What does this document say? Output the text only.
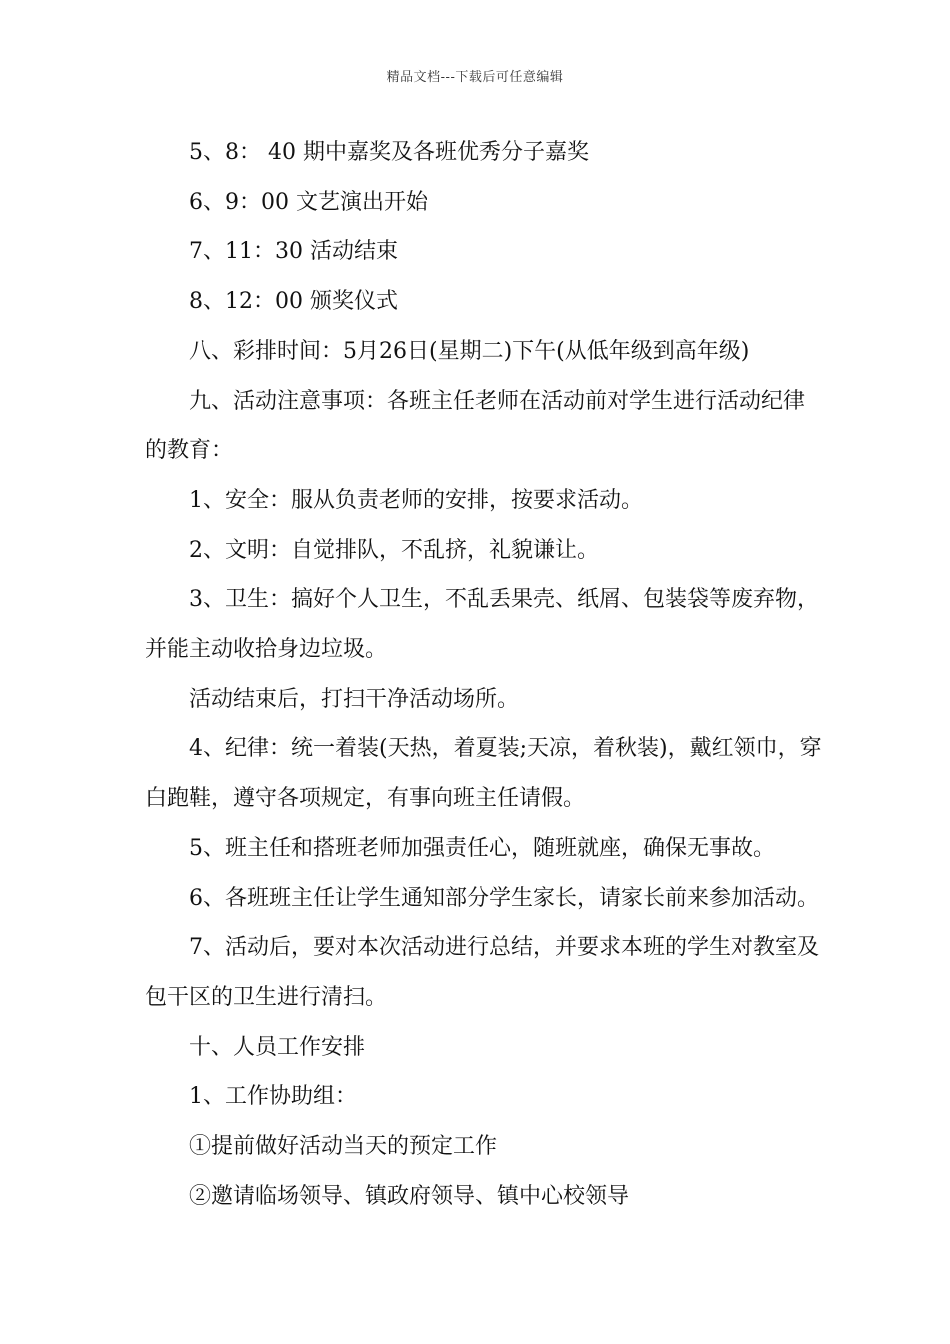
精品文档---下载后可任意编辑

5、8： 40 期中嘉奖及各班优秀分子嘉奖

6、9：00 文艺演出开始

7、11：30 活动结束

8、12：00 颁奖仪式

八、彩排时间：5月26日(星期二)下午(从低年级到高年级)

九、活动注意事项：各班主任老师在活动前对学生进行活动纪律的教育：

1、安全：服从负责老师的安排，按要求活动。

2、文明：自觉排队，不乱挤，礼貌谦让。

3、卫生：搞好个人卫生，不乱丢果壳、纸屑、包装袋等废弃物，并能主动收拾身边垃圾。

活动结束后，打扫干净活动场所。

4、纪律：统一着装(天热，着夏装;天凉，着秋装)，戴红领巾，穿白跑鞋，遵守各项规定，有事向班主任请假。

5、班主任和搭班老师加强责任心，随班就座，确保无事故。

6、各班班主任让学生通知部分学生家长，请家长前来参加活动。

7、活动后，要对本次活动进行总结，并要求本班的学生对教室及包干区的卫生进行清扫。

十、人员工作安排

1、工作协助组：

①提前做好活动当天的预定工作

②邀请临场领导、镇政府领导、镇中心校领导
